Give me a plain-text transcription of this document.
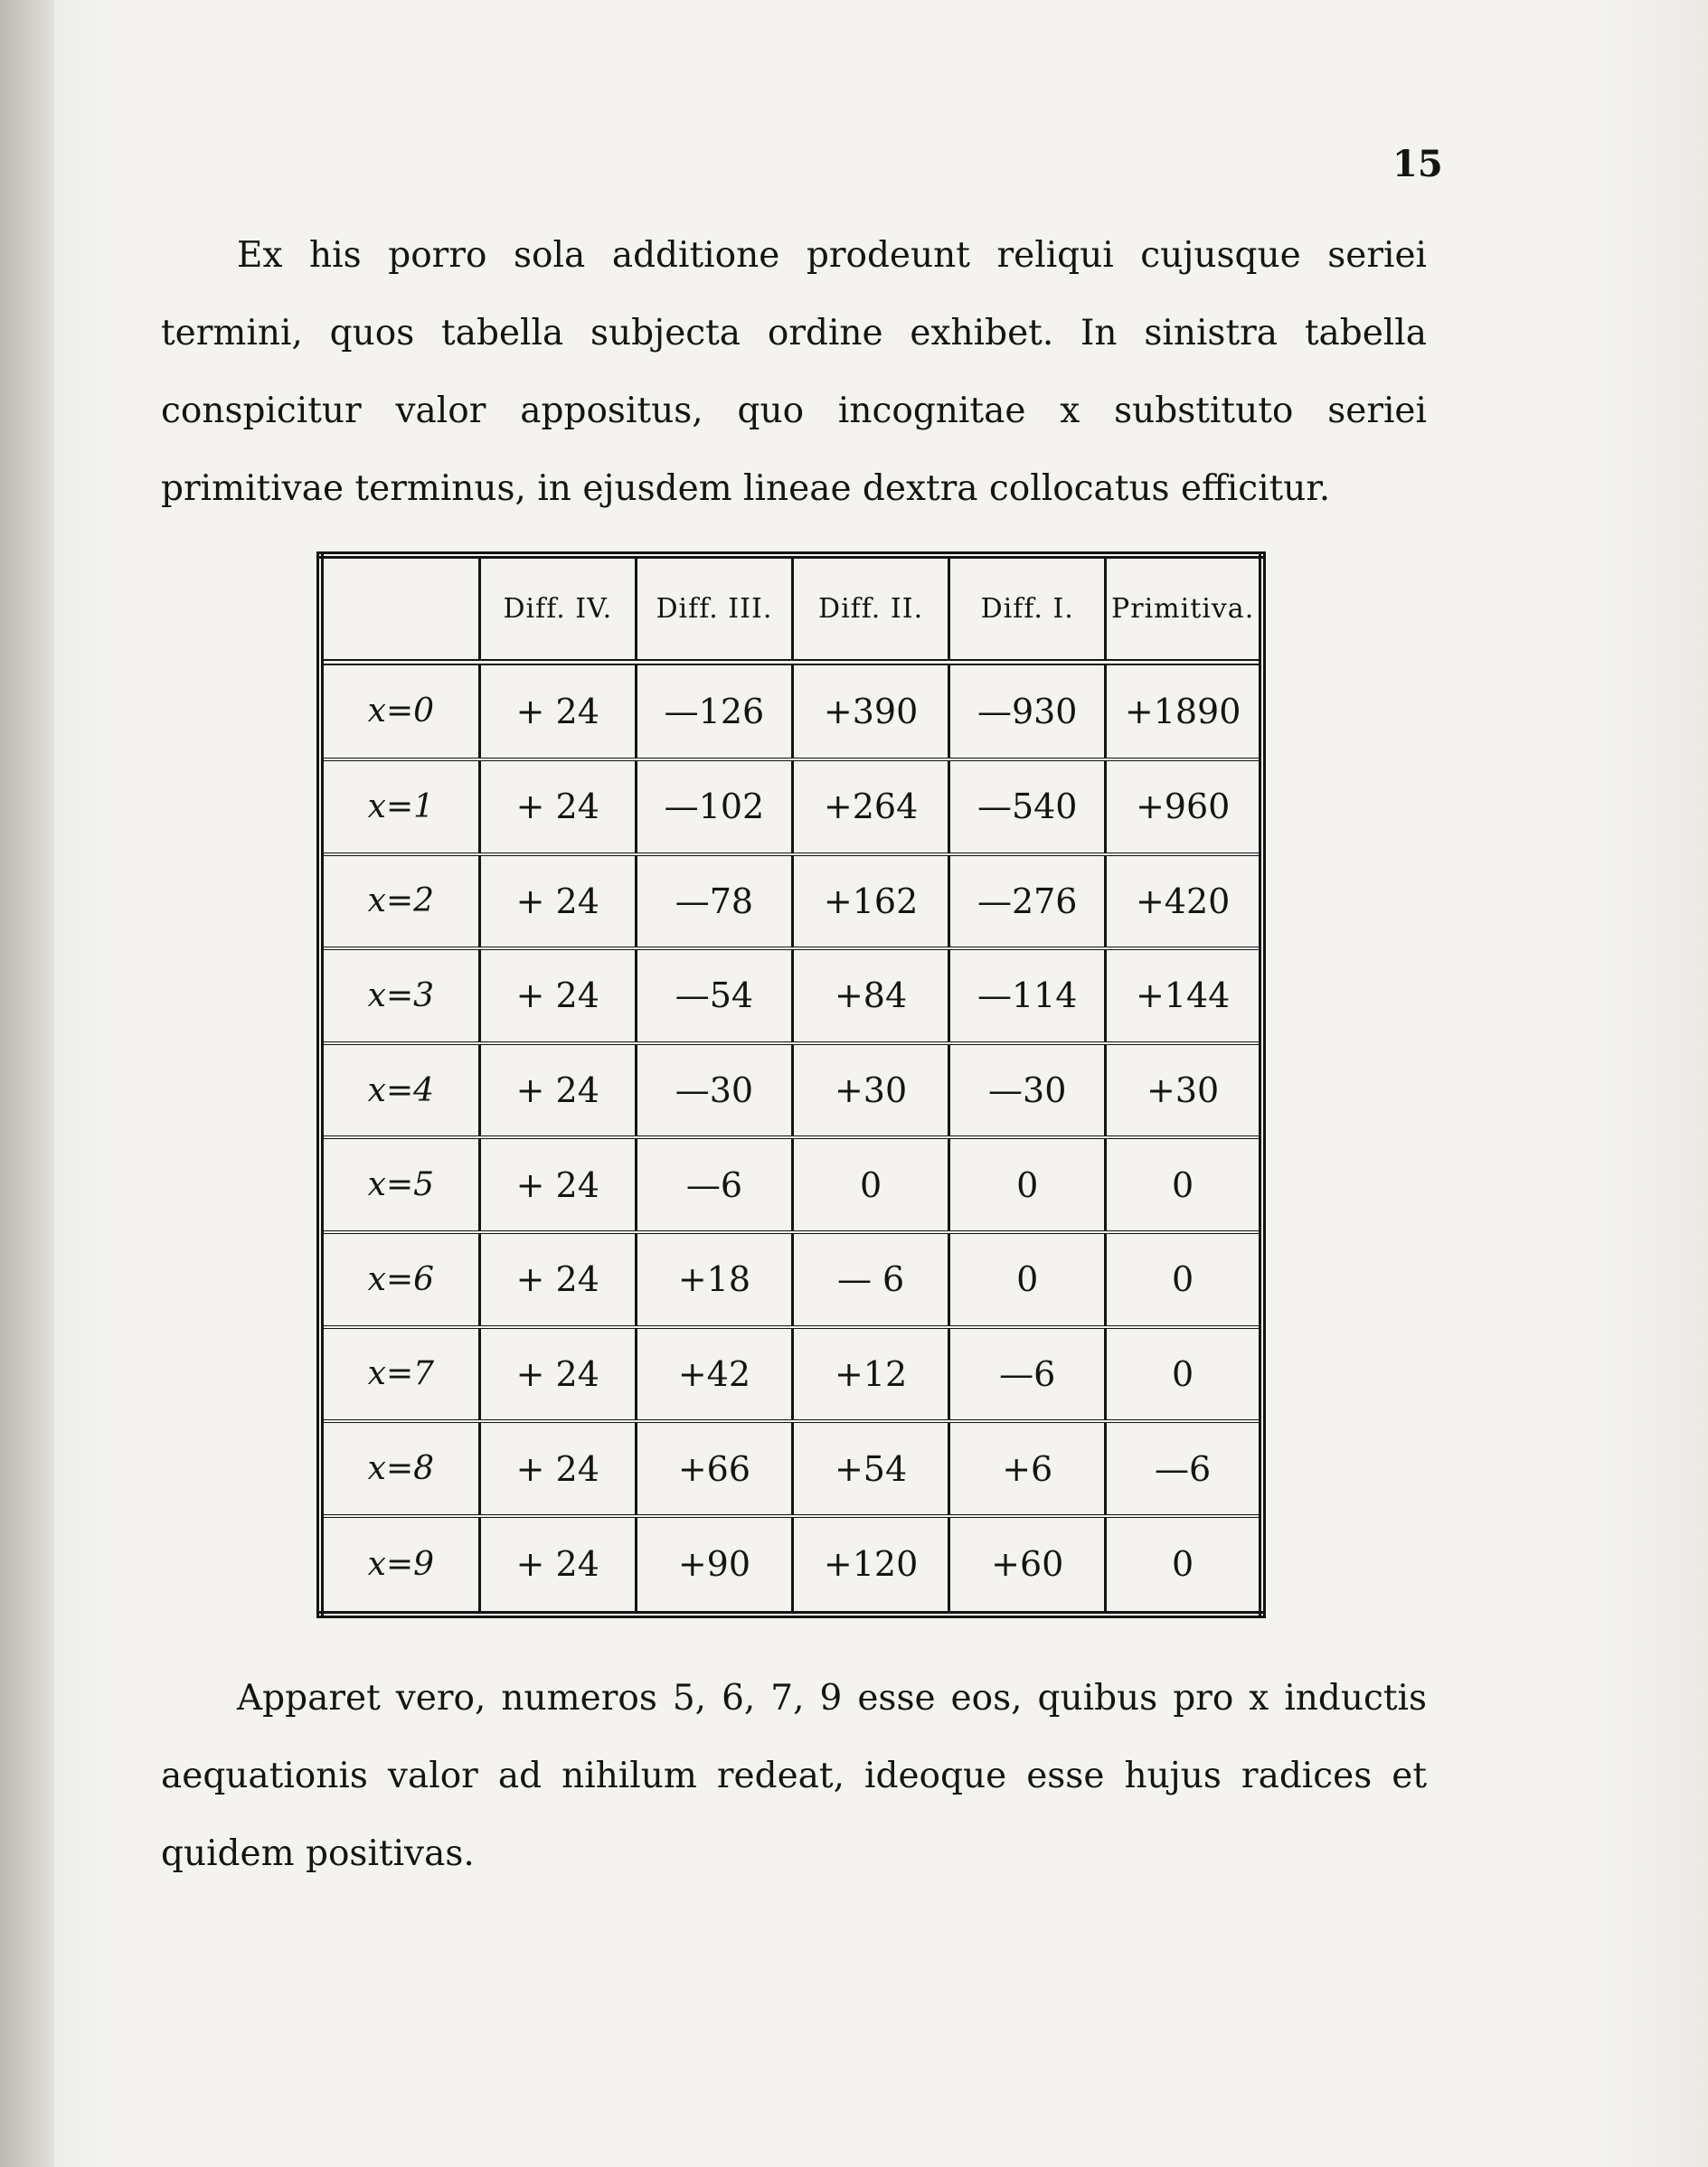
15

Ex his porro sola additione prodeunt reliqui cujusque seriei termini, quos tabella subjecta ordine exhibet. In sinistra tabella conspicitur valor appositus, quo incognitae x substituto seriei primitivae terminus, in ejusdem lineae dextra collocatus efficitur.

	Diff. IV.	Diff. III.	Diff. II.	Diff. I.	Primitiva.
x=0	+ 24	—126	+390	—930	+1890
x=1	+ 24	—102	+264	—540	+960
x=2	+ 24	—78	+162	—276	+420
x=3	+ 24	—54	+84	—114	+144
x=4	+ 24	—30	+30	—30	+30
x=5	+ 24	—6	0	0	0
x=6	+ 24	+18	— 6	0	0
x=7	+ 24	+42	+12	—6	0
x=8	+ 24	+66	+54	+6	—6
x=9	+ 24	+90	+120	+60	0

Apparet vero, numeros 5, 6, 7, 9 esse eos, quibus pro x inductis aequationis valor ad nihilum redeat, ideoque esse hujus radices et quidem positivas.
